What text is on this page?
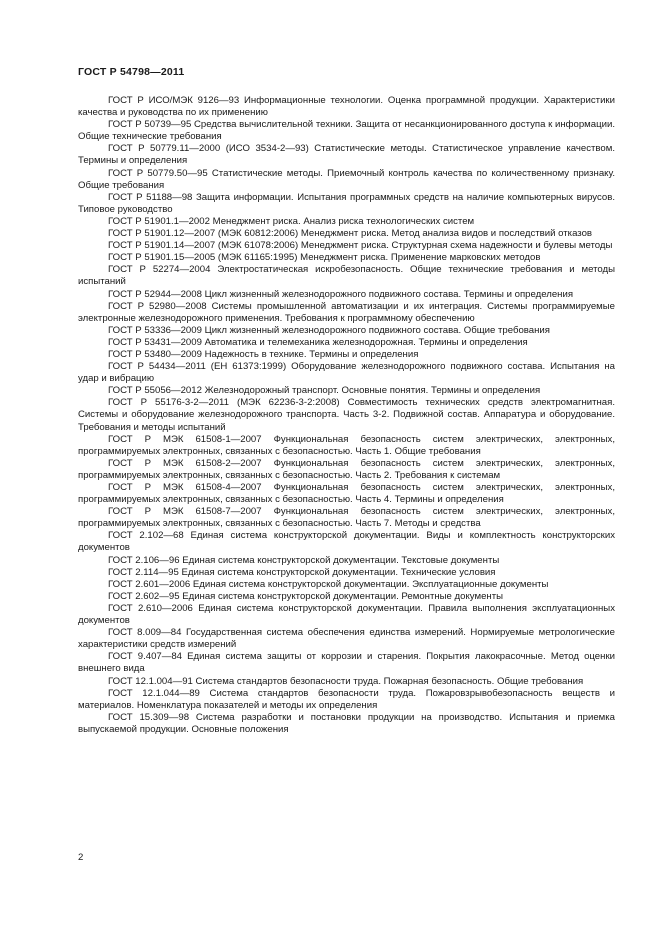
ГОСТ Р 54798—2011

ГОСТ Р ИСО/МЭК 9126—93 Информационные технологии. Оценка программной продукции. Характеристики качества и руководства по их применению

ГОСТ Р 50739—95 Средства вычислительной техники. Защита от несанкционированного доступа к информации. Общие технические требования

ГОСТ Р 50779.11—2000 (ИСО 3534-2—93) Статистические методы. Статистическое управление качеством. Термины и определения

ГОСТ Р 50779.50—95 Статистические методы. Приемочный контроль качества по количественному признаку. Общие требования

ГОСТ Р 51188—98 Защита информации. Испытания программных средств на наличие компьютерных вирусов. Типовое руководство

ГОСТ Р 51901.1—2002 Менеджмент риска. Анализ риска технологических систем

ГОСТ Р 51901.12—2007 (МЭК 60812:2006) Менеджмент риска. Метод анализа видов и последствий отказов

ГОСТ Р 51901.14—2007 (МЭК 61078:2006) Менеджмент риска. Структурная схема надежности и булевы методы

ГОСТ Р 51901.15—2005 (МЭК 61165:1995) Менеджмент риска. Применение марковских методов

ГОСТ Р 52274—2004 Электростатическая искробезопасность. Общие технические требования и методы испытаний

ГОСТ Р 52944—2008 Цикл жизненный железнодорожного подвижного состава. Термины и определения

ГОСТ Р 52980—2008 Системы промышленной автоматизации и их интеграция. Системы программируемые электронные железнодорожного применения. Требования к программному обеспечению

ГОСТ Р 53336—2009 Цикл жизненный железнодорожного подвижного состава. Общие требования

ГОСТ Р 53431—2009 Автоматика и телемеханика железнодорожная. Термины и определения

ГОСТ Р 53480—2009 Надежность в технике. Термины и определения

ГОСТ Р 54434—2011 (ЕН 61373:1999) Оборудование железнодорожного подвижного состава. Испытания на удар и вибрацию

ГОСТ Р 55056—2012 Железнодорожный транспорт. Основные понятия. Термины и определения

ГОСТ Р 55176-3-2—2011 (МЭК 62236-3-2:2008) Совместимость технических средств электромагнитная. Системы и оборудование железнодорожного транспорта. Часть 3-2. Подвижной состав. Аппаратура и оборудование. Требования и методы испытаний

ГОСТ Р МЭК 61508-1—2007 Функциональная безопасность систем электрических, электронных, программируемых электронных, связанных с безопасностью. Часть 1. Общие требования

ГОСТ Р МЭК 61508-2—2007 Функциональная безопасность систем электрических, электронных, программируемых электронных, связанных с безопасностью. Часть 2. Требования к системам

ГОСТ Р МЭК 61508-4—2007 Функциональная безопасность систем электрических, электронных, программируемых электронных, связанных с безопасностью. Часть 4. Термины и определения

ГОСТ Р МЭК 61508-7—2007 Функциональная безопасность систем электрических, электронных, программируемых электронных, связанных с безопасностью. Часть 7. Методы и средства

ГОСТ 2.102—68 Единая система конструкторской документации. Виды и комплектность конструкторских документов

ГОСТ 2.106—96 Единая система конструкторской документации. Текстовые документы

ГОСТ 2.114—95 Единая система конструкторской документации. Технические условия

ГОСТ 2.601—2006 Единая система конструкторской документации. Эксплуатационные документы

ГОСТ 2.602—95 Единая система конструкторской документации. Ремонтные документы

ГОСТ 2.610—2006 Единая система конструкторской документации. Правила выполнения эксплуатационных документов

ГОСТ 8.009—84 Государственная система обеспечения единства измерений. Нормируемые метрологические характеристики средств измерений

ГОСТ 9.407—84 Единая система защиты от коррозии и старения. Покрытия лакокрасочные. Метод оценки внешнего вида

ГОСТ 12.1.004—91 Система стандартов безопасности труда. Пожарная безопасность. Общие требования

ГОСТ 12.1.044—89 Система стандартов безопасности труда. Пожаровзрывобезопасность веществ и материалов. Номенклатура показателей и методы их определения

ГОСТ 15.309—98 Система разработки и постановки продукции на производство. Испытания и приемка выпускаемой продукции. Основные положения

2
